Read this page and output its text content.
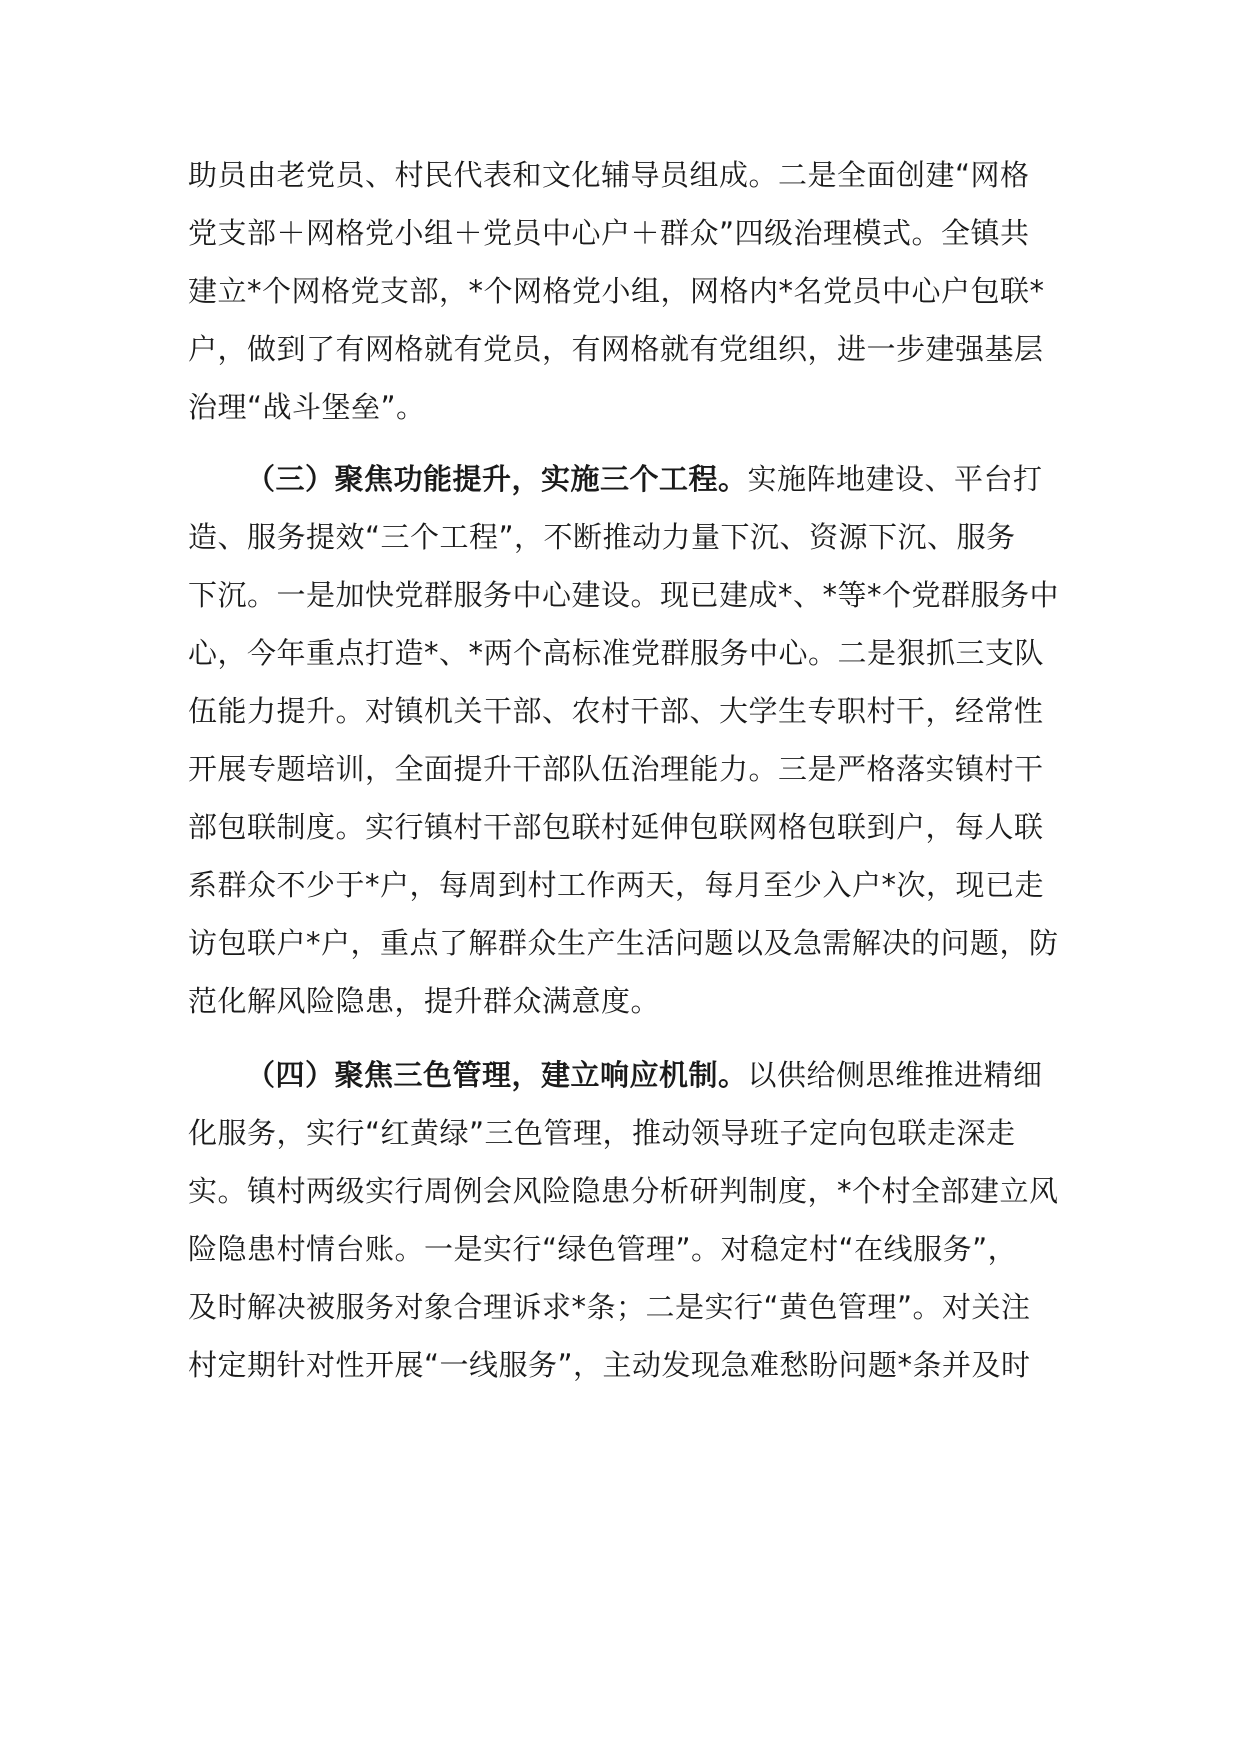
助员由老党员、村民代表和文化辅导员组成。二是全面创建“网格
党支部＋网格党小组＋党员中心户＋群众”四级治理模式。全镇共
建立*个网格党支部，*个网格党小组，网格内*名党员中心户包联*
户，做到了有网格就有党员，有网格就有党组织，进一步建强基层
治理“战斗堡垒”。
（三）聚焦功能提升，实施三个工程。实施阵地建设、平台打
造、服务提效“三个工程”，不断推动力量下沉、资源下沉、服务
下沉。一是加快党群服务中心建设。现已建成*、*等*个党群服务中
心，今年重点打造*、*两个高标准党群服务中心。二是狠抓三支队
伍能力提升。对镇机关干部、农村干部、大学生专职村干，经常性
开展专题培训，全面提升干部队伍治理能力。三是严格落实镇村干
部包联制度。实行镇村干部包联村延伸包联网格包联到户，每人联
系群众不少于*户，每周到村工作两天，每月至少入户*次，现已走
访包联户*户，重点了解群众生产生活问题以及急需解决的问题，防
范化解风险隐患，提升群众满意度。
（四）聚焦三色管理，建立响应机制。以供给侧思维推进精细
化服务，实行“红黄绿”三色管理，推动领导班子定向包联走深走
实。镇村两级实行周例会风险隐患分析研判制度，*个村全部建立风
险隐患村情台账。一是实行“绿色管理”。对稳定村“在线服务”，
及时解决被服务对象合理诉求*条；二是实行“黄色管理”。对关注
村定期针对性开展“一线服务”，主动发现急难愁盼问题*条并及时
